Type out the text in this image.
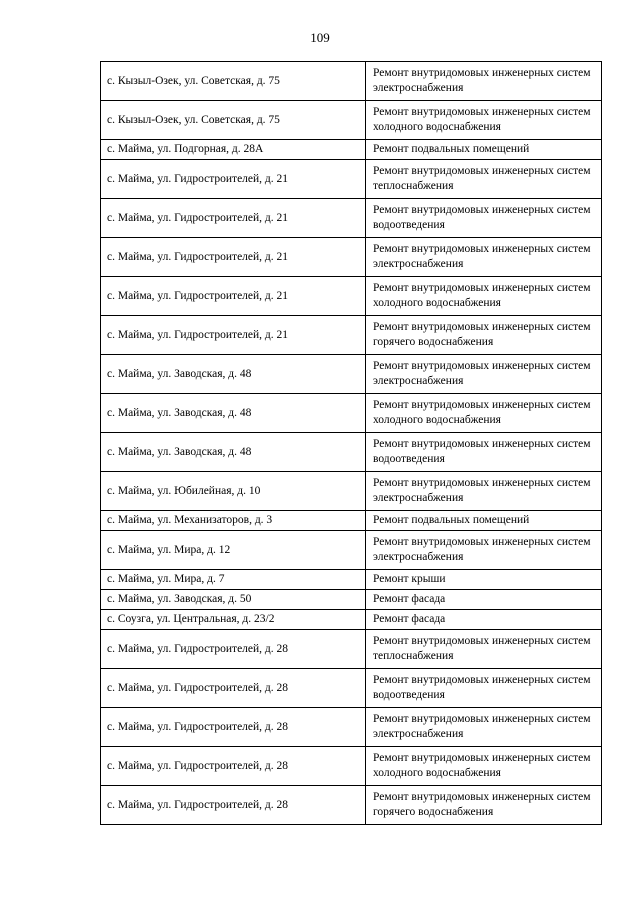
109
с. Кызыл-Озек, ул. Советская, д. 75	Ремонт внутридомовых инженерных систем электроснабжения
с. Кызыл-Озек, ул. Советская, д. 75	Ремонт внутридомовых инженерных систем холодного водоснабжения
с. Майма, ул. Подгорная, д. 28А	Ремонт подвальных помещений
с. Майма, ул. Гидростроителей, д. 21	Ремонт внутридомовых инженерных систем теплоснабжения
с. Майма, ул. Гидростроителей, д. 21	Ремонт внутридомовых инженерных систем водоотведения
с. Майма, ул. Гидростроителей, д. 21	Ремонт внутридомовых инженерных систем электроснабжения
с. Майма, ул. Гидростроителей, д. 21	Ремонт внутридомовых инженерных систем холодного водоснабжения
с. Майма, ул. Гидростроителей, д. 21	Ремонт внутридомовых инженерных систем горячего водоснабжения
с. Майма, ул. Заводская, д. 48	Ремонт внутридомовых инженерных систем электроснабжения
с. Майма, ул. Заводская, д. 48	Ремонт внутридомовых инженерных систем холодного водоснабжения
с. Майма, ул. Заводская, д. 48	Ремонт внутридомовых инженерных систем водоотведения
с. Майма, ул. Юбилейная, д. 10	Ремонт внутридомовых инженерных систем электроснабжения
с. Майма, ул. Механизаторов, д. 3	Ремонт подвальных помещений
с. Майма, ул. Мира, д. 12	Ремонт внутридомовых инженерных систем электроснабжения
с. Майма, ул. Мира, д. 7	Ремонт крыши
с. Майма, ул. Заводская, д. 50	Ремонт фасада
с. Соузга, ул. Центральная, д. 23/2	Ремонт фасада
с. Майма, ул. Гидростроителей, д. 28	Ремонт внутридомовых инженерных систем теплоснабжения
с. Майма, ул. Гидростроителей, д. 28	Ремонт внутридомовых инженерных систем водоотведения
с. Майма, ул. Гидростроителей, д. 28	Ремонт внутридомовых инженерных систем электроснабжения
с. Майма, ул. Гидростроителей, д. 28	Ремонт внутридомовых инженерных систем холодного водоснабжения
с. Майма, ул. Гидростроителей, д. 28	Ремонт внутридомовых инженерных систем горячего водоснабжения
